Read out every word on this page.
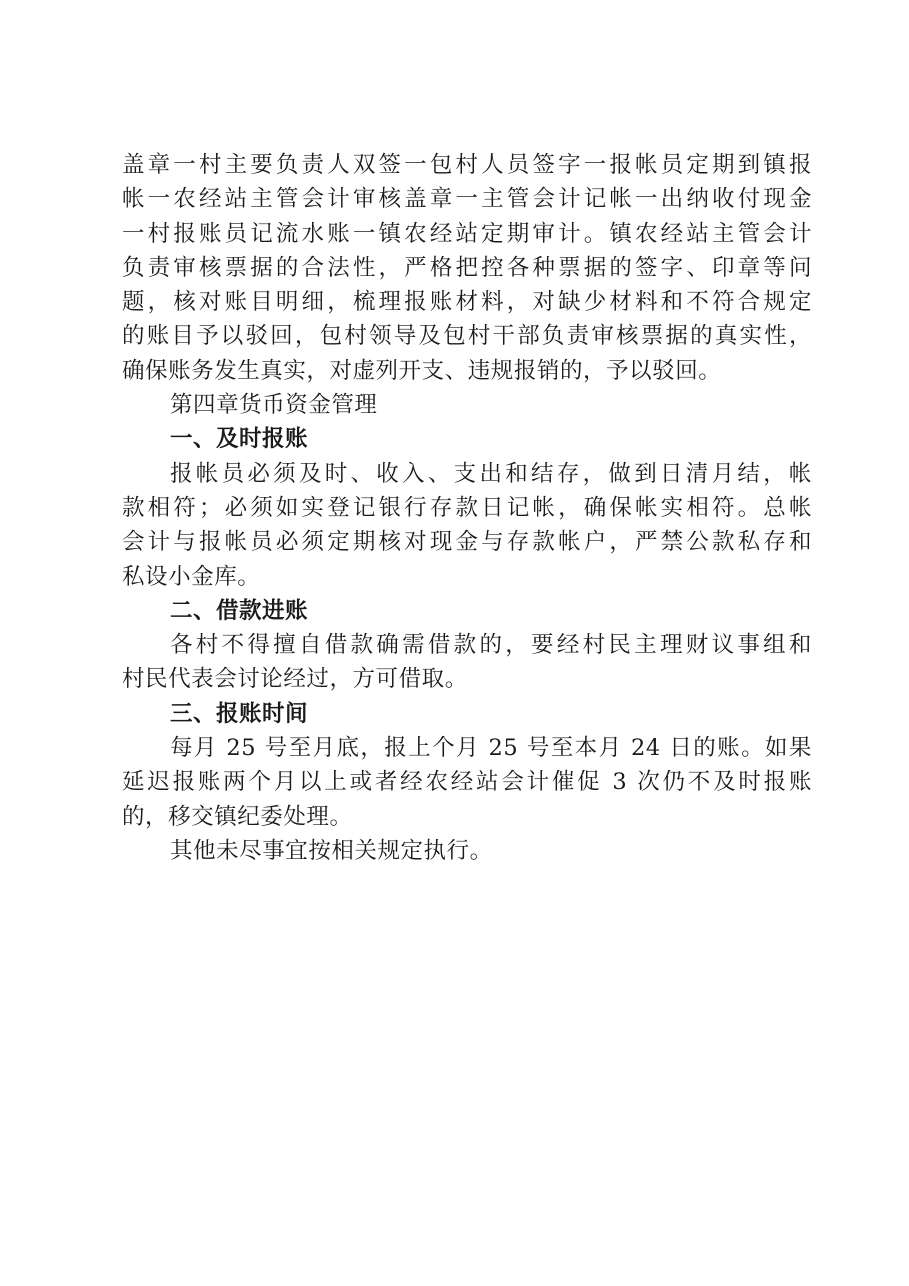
盖章一村主要负责人双签一包村人员签字一报帐员定期到镇报
帐一农经站主管会计审核盖章一主管会计记帐一出纳收付现金
一村报账员记流水账一镇农经站定期审计。镇农经站主管会计
负责审核票据的合法性，严格把控各种票据的签字、印章等问
题，核对账目明细，梳理报账材料，对缺少材料和不符合规定
的账目予以驳回，包村领导及包村干部负责审核票据的真实性，
确保账务发生真实，对虚列开支、违规报销的，予以驳回。
第四章货币资金管理
一、及时报账
报帐员必须及时、收入、支出和结存，做到日清月结，帐
款相符；必须如实登记银行存款日记帐，确保帐实相符。总帐
会计与报帐员必须定期核对现金与存款帐户，严禁公款私存和
私设小金库。
二、借款进账
各村不得擅自借款确需借款的，要经村民主理财议事组和
村民代表会讨论经过，方可借取。
三、报账时间
每月 25 号至月底，报上个月 25 号至本月 24 日的账。如果
延迟报账两个月以上或者经农经站会计催促 3 次仍不及时报账
的，移交镇纪委处理。
其他未尽事宜按相关规定执行。
